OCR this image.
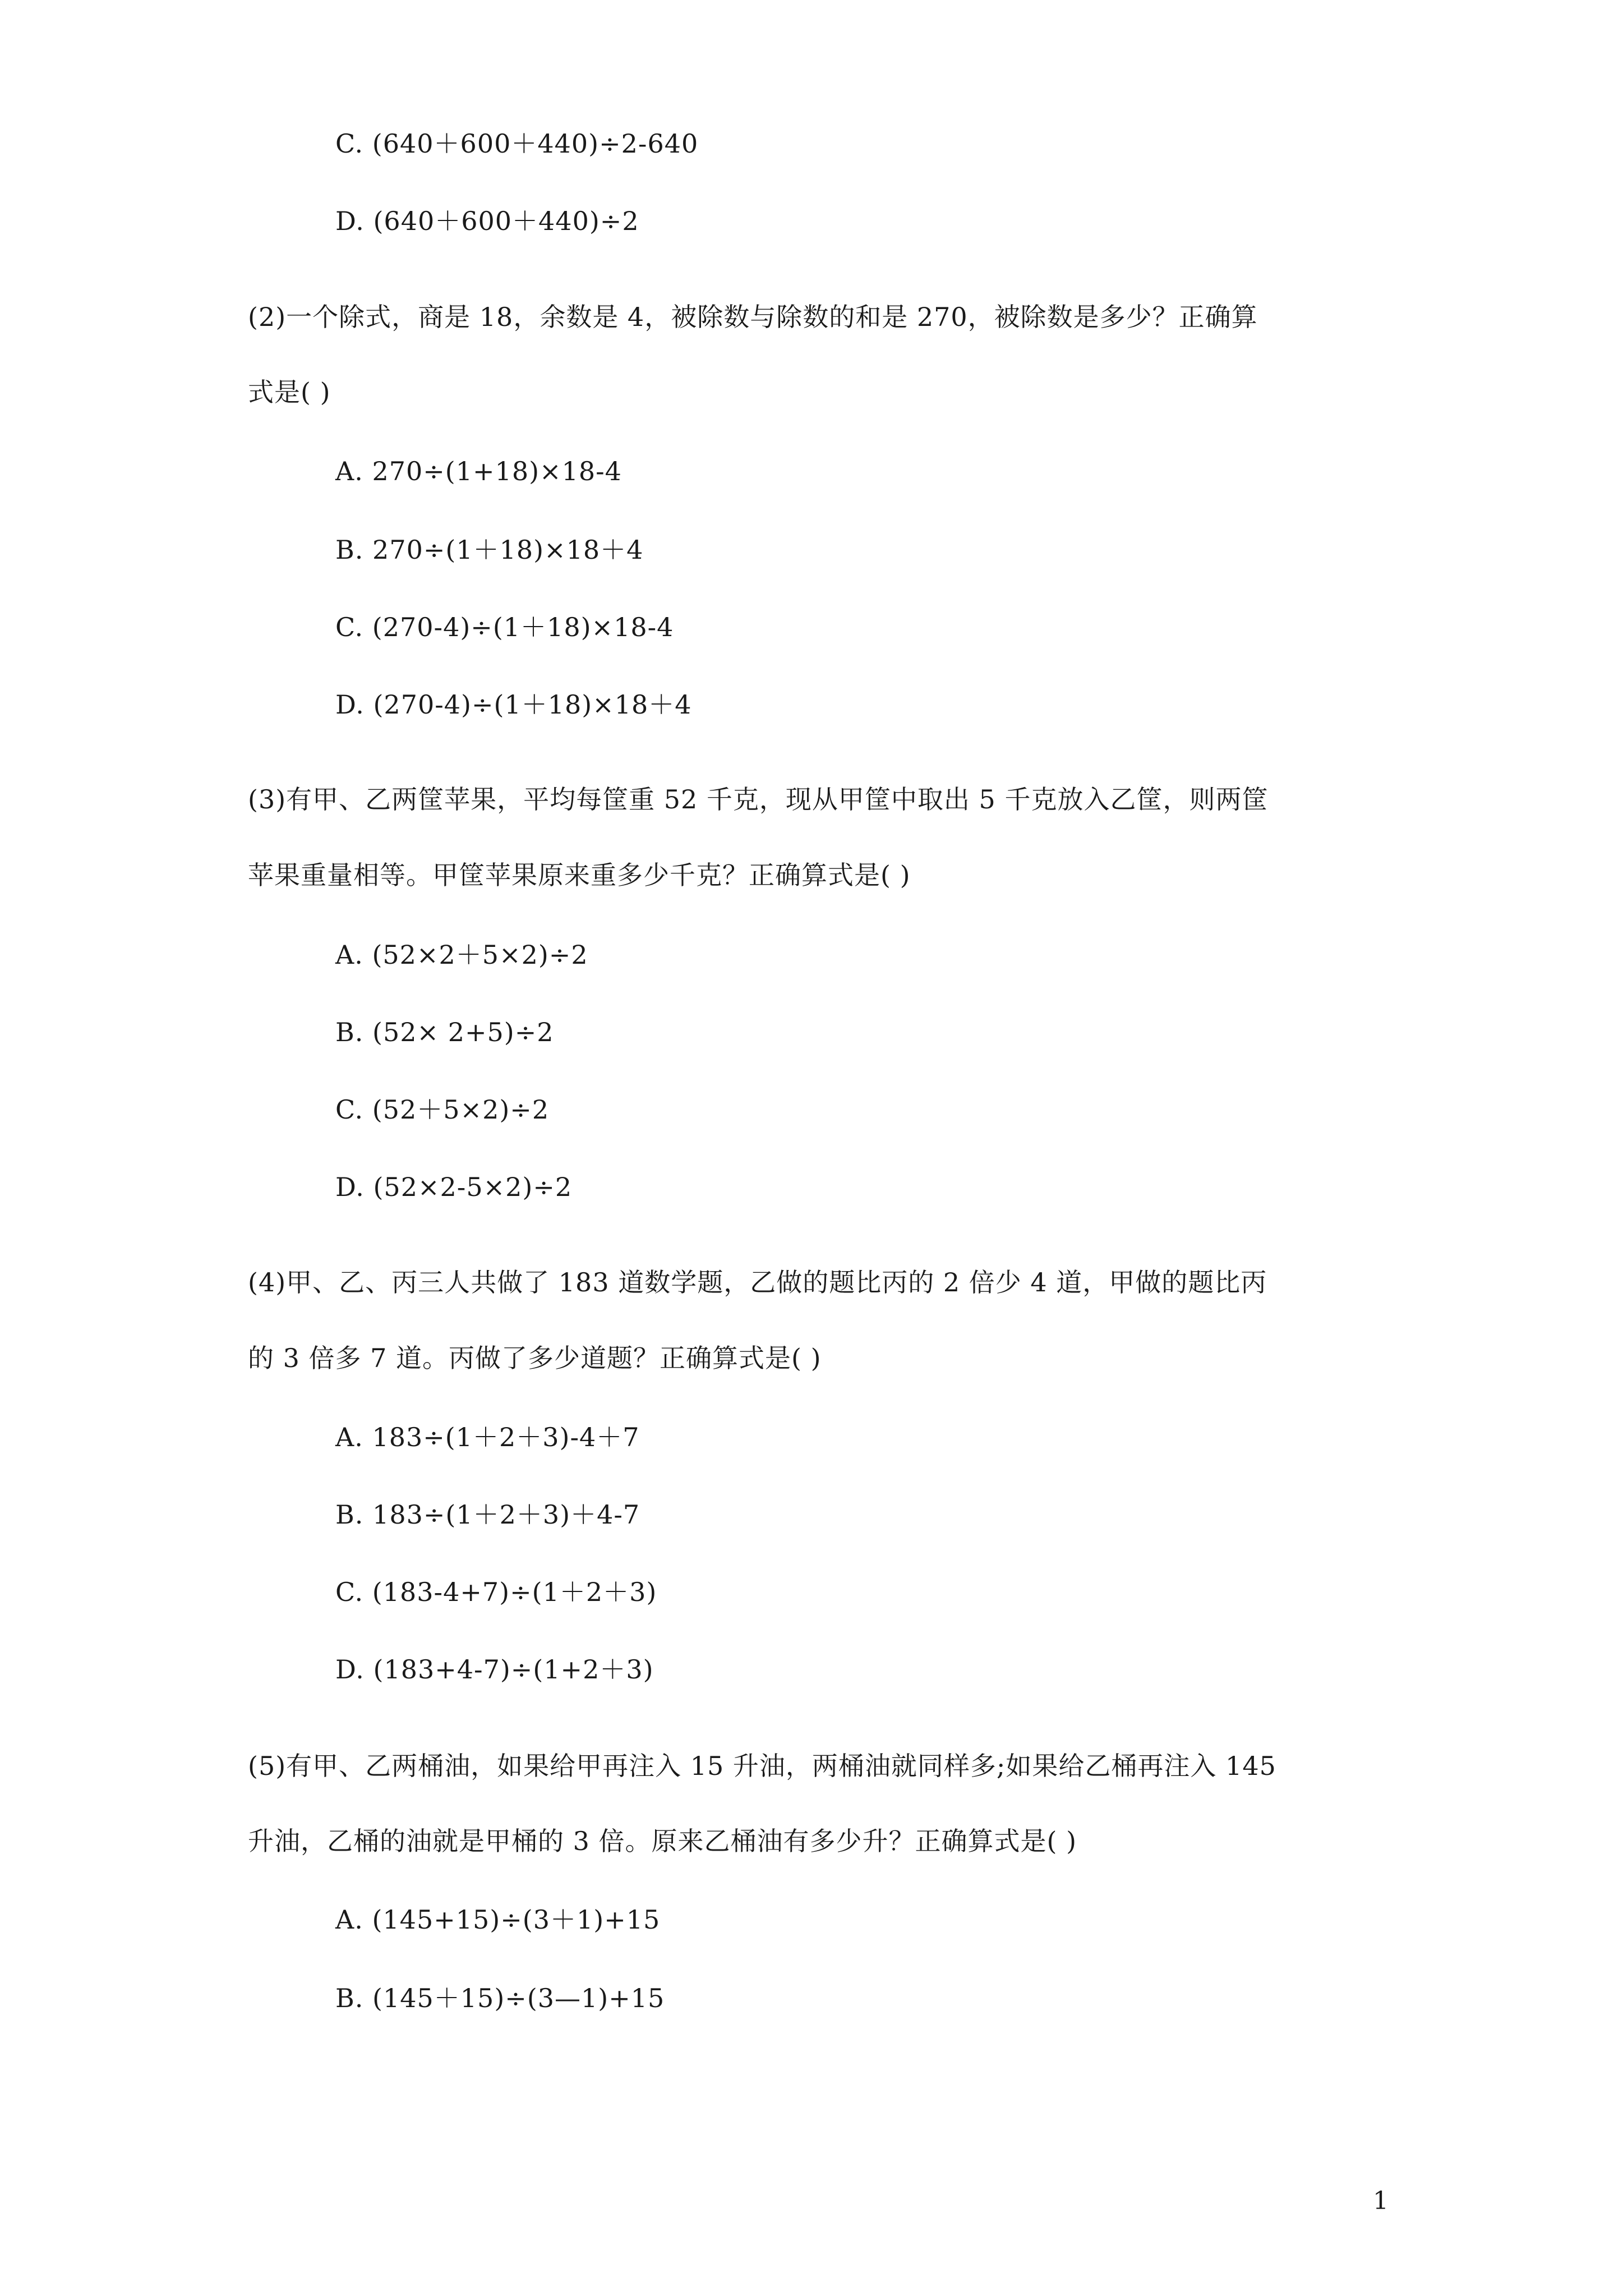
C. (640＋600＋440)÷2-640
D. (640＋600＋440)÷2
(2)一个除式，商是 18，余数是 4，被除数与除数的和是 270，被除数是多少？正确算
式是( )
A. 270÷(1+18)×18-4
B. 270÷(1＋18)×18＋4
C. (270-4)÷(1＋18)×18-4
D. (270-4)÷(1＋18)×18＋4
(3)有甲、乙两筐苹果，平均每筐重 52 千克，现从甲筐中取出 5 千克放入乙筐，则两筐
苹果重量相等。甲筐苹果原来重多少千克？正确算式是( )
A. (52×2＋5×2)÷2
B. (52× 2+5)÷2
C. (52＋5×2)÷2
D. (52×2-5×2)÷2
(4)甲、乙、丙三人共做了 183 道数学题，乙做的题比丙的 2 倍少 4 道，甲做的题比丙
的 3 倍多 7 道。丙做了多少道题？正确算式是( )
A. 183÷(1＋2＋3)-4＋7
B. 183÷(1＋2＋3)＋4-7
C. (183-4+7)÷(1＋2＋3)
D. (183+4-7)÷(1+2＋3)
(5)有甲、乙两桶油，如果给甲再注入 15 升油，两桶油就同样多;如果给乙桶再注入 145
升油，乙桶的油就是甲桶的 3 倍。原来乙桶油有多少升？正确算式是( )
A. (145+15)÷(3＋1)+15
B. (145＋15)÷(3—1)+15
1
